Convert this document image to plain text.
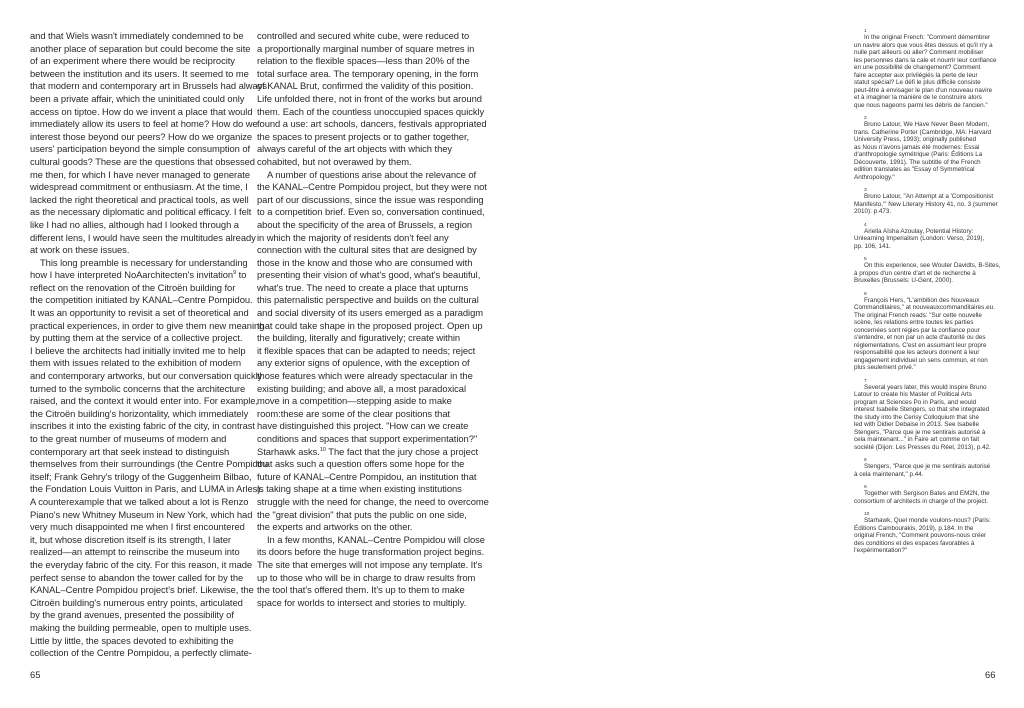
and that Wiels wasn't immediately condemned to be
another place of separation but could become the site
of an experiment where there would be reciprocity
between the institution and its users. It seemed to me
that modern and contemporary art in Brussels had always
been a private affair, which the uninitiated could only
access on tiptoe. How do we invent a place that would
immediately allow its users to feel at home? How do we
interest those beyond our peers? How do we organize
users' participation beyond the simple consumption of
cultural goods? These are the questions that obsessed
me then, for which I have never managed to generate
widespread commitment or enthusiasm. At the time, I
lacked the right theoretical and practical tools, as well
as the necessary diplomatic and political efficacy. I felt
like I had no allies, although had I looked through a
different lens, I would have seen the multitudes already
at work on these issues.
This long preamble is necessary for understanding
how I have interpreted NoAarchitecten's invitation$^9$ to
reflect on the renovation of the Citroën building for
the competition initiated by KANAL–Centre Pompidou.
It was an opportunity to revisit a set of theoretical and
practical experiences, in order to give them new meaning
by putting them at the service of a collective project.
I believe the architects had initially invited me to help
them with issues related to the exhibition of modern
and contemporary artworks, but our conversation quickly
turned to the symbolic concerns that the architecture
raised, and the context it would enter into. For example,
the Citroën building's horizontality, which immediately
inscribes it into the existing fabric of the city, in contrast
to the great number of museums of modern and
contemporary art that seek instead to distinguish
themselves from their surroundings (the Centre Pompidou
itself; Frank Gehry's trilogy of the Guggenheim Bilbao,
the Fondation Louis Vuitton in Paris, and LUMA in Arles).
A counterexample that we talked about a lot is Renzo
Piano's new Whitney Museum in New York, which had
very much disappointed me when I first encountered
it, but whose discretion itself is its strength, I later
realized—an attempt to reinscribe the museum into
the everyday fabric of the city. For this reason, it made
perfect sense to abandon the tower called for by the
KANAL–Centre Pompidou project's brief. Likewise, the
Citroën building's numerous entry points, articulated
by the grand avenues, presented the possibility of
making the building permeable, open to multiple uses.
Little by little, the spaces devoted to exhibiting the
collection of the Centre Pompidou, a perfectly climate-
controlled and secured white cube, were reduced to
a proportionally marginal number of square metres in
relation to the flexible spaces—less than 20% of the
total surface area. The temporary opening, in the form
of KANAL Brut, confirmed the validity of this position.
Life unfolded there, not in front of the works but around
them. Each of the countless unoccupied spaces quickly
found a use: art schools, dancers, festivals appropriated
the spaces to present projects or to gather together,
always careful of the art objects with which they
cohabited, but not overawed by them.
A number of questions arise about the relevance of
the KANAL–Centre Pompidou project, but they were not
part of our discussions, since the issue was responding
to a competition brief. Even so, conversation continued,
about the specificity of the area of Brussels, a region
in which the majority of residents don't feel any
connection with the cultural sites that are designed by
those in the know and those who are consumed with
presenting their vision of what's good, what's beautiful,
what's true. The need to create a place that upturns
this paternalistic perspective and builds on the cultural
and social diversity of its users emerged as a paradigm
that could take shape in the proposed project. Open up
the building, literally and figuratively; create within
it flexible spaces that can be adapted to needs; reject
any exterior signs of opulence, with the exception of
those features which were already spectacular in the
existing building; and above all, a most paradoxical
move in a competition—stepping aside to make
room:these are some of the clear positions that
have distinguished this project. "How can we create
conditions and spaces that support experimentation?"
Starhawk asks.$^{10}$ The fact that the jury chose a project
that asks such a question offers some hope for the
future of KANAL–Centre Pompidou, an institution that
is taking shape at a time when existing institutions
struggle with the need for change, the need to overcome
the "great division" that puts the public on one side,
the experts and artworks on the other.
In a few months, KANAL–Centre Pompidou will close
its doors before the huge transformation project begins.
The site that emerges will not impose any template. It's
up to those who will be in charge to draw results from
the tool that's offered them. It's up to them to make
space for worlds to intersect and stories to multiply.
65
1
In the original French: "Comment démembrer
un navire alors que vous êtes dessus et qu'il n'y a
nulle part ailleurs où aller? Comment mobiliser
les personnes dans la cale et nourrir leur confiance
en une possibilité de changement? Comment
faire accepter aux privilégiés la perte de leur
statut spécial? Le défi le plus difficile consiste
peut-être à envisager le plan d'un nouveau navire
et à imaginer la manière de le construire alors
que nous nageons parmi les débris de l'ancien."
2
Bruno Latour, We Have Never Been Modern,
trans. Catherine Porter (Cambridge, MA: Harvard
University Press, 1993); originally published
as Nous n'avons jamais été modernes: Essai
d'anthropologie symétrique (Paris: Éditions La
Découverte, 1991). The subtitle of the French
edition translates as "Essay of Symmetrical
Anthropology."
3
Bruno Latour, "An Attempt at a 'Compositionist
Manifesto,'" New Literary History 41, no. 3 (summer
2010): p.473.
4
Ariella Aïsha Azoulay, Potential History:
Unlearning Imperialism (London: Verso, 2019),
pp. 106, 141.
5
On this experience, see Wouter Davidts, B-Sites,
à propos d'un centre d'art et de recherche à
Bruxelles (Brussels: U-Gent, 2000).
6
François Hers, "L'ambition des Nouveaux
Commanditaires," at nouveauxcommanditaires.eu.
The original French reads: "Sur cette nouvelle
scène, les relations entre toutes les parties
concernées sont régies par la confiance pour
s'entendre, et non par un acte d'autorité ou des
réglementations. C'est en assumant leur propre
responsabilité que les acteurs donnent à leur
engagement individuel un sens commun, et non
plus seulement privé."
7
Several years later, this would inspire Bruno
Latour to create his Master of Political Arts
program at Sciences Po in Paris, and would
interest Isabelle Stengers, so that she integrated
the study into the Cerisy Colloquium that she
led with Didier Debaise in 2013. See Isabelle
Stengers, "Parce que je me sentirais autorisé à
cela maintenant..." in Faire art comme on fait
société (Dijon: Les Presses du Réel, 2013), p.42.
8
Stengers, "Parce que je me sentirais autorisé
à cela maintenant," p.44.
9
Together with Sergison Bates and EM2N, the
consortium of architects in charge of the project.
10
Starhawk, Quel monde voulons-nous? (Paris:
Éditions Cambourakis, 2019), p.184. In the
original French, "Comment pouvons-nous créer
des conditions et des espaces favorables à
l'expérimentation?"
66
